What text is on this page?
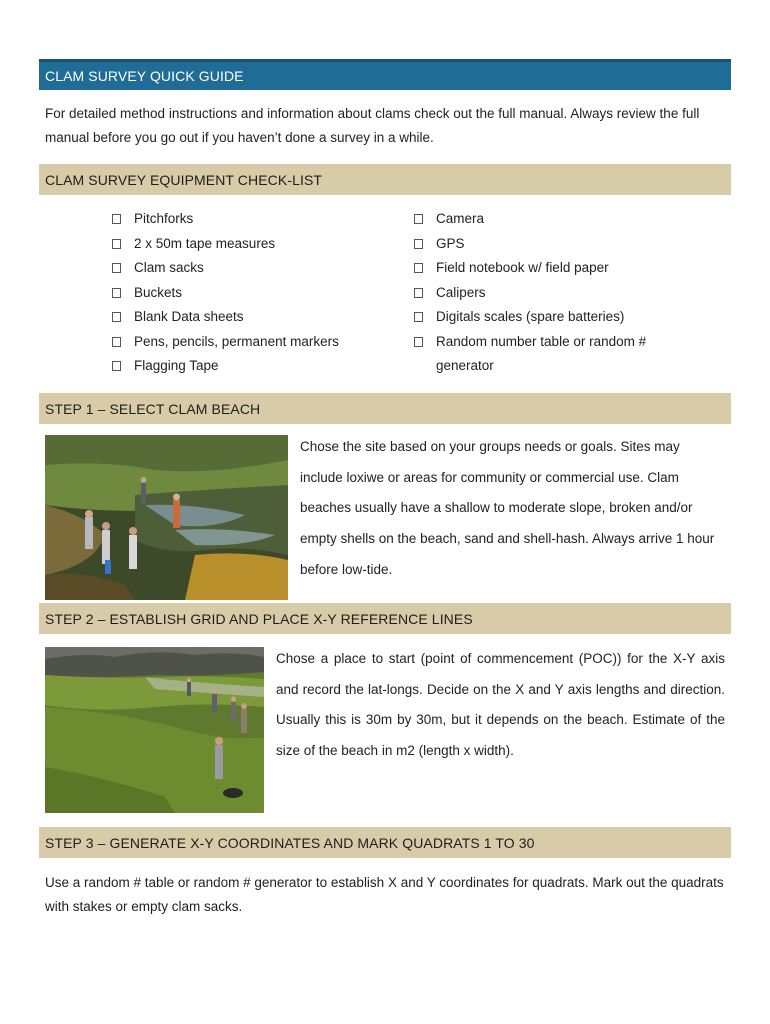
CLAM SURVEY QUICK GUIDE
For detailed method instructions and information about clams check out the full manual. Always review the full manual before you go out if you haven’t done a survey in a while.
CLAM SURVEY EQUIPMENT CHECK-LIST
Pitchforks
2 x 50m tape measures
Clam sacks
Buckets
Blank Data sheets
Pens, pencils, permanent markers
Flagging Tape
Camera
GPS
Field notebook w/ field paper
Calipers
Digitals scales (spare batteries)
Random number table or random # generator
STEP 1 – SELECT CLAM BEACH
Chose the site based on your groups needs or goals. Sites may include loxiwe or areas for community or commercial use. Clam beaches usually have a shallow to moderate slope, broken and/or empty shells on the beach, sand and shell-hash. Always arrive 1 hour before low-tide.
STEP 2 – ESTABLISH GRID AND PLACE X-Y REFERENCE LINES
Chose a place to start (point of commencement (POC)) for the X-Y axis and record the lat-longs. Decide on the X and Y axis lengths and direction. Usually this is 30m by 30m, but it depends on the beach. Estimate of the size of the beach in m2 (length x width).
STEP 3 – GENERATE X-Y COORDINATES AND MARK QUADRATS 1 TO 30
Use a random # table or random # generator to establish X and Y coordinates for quadrats. Mark out the quadrats with stakes or empty clam sacks.
